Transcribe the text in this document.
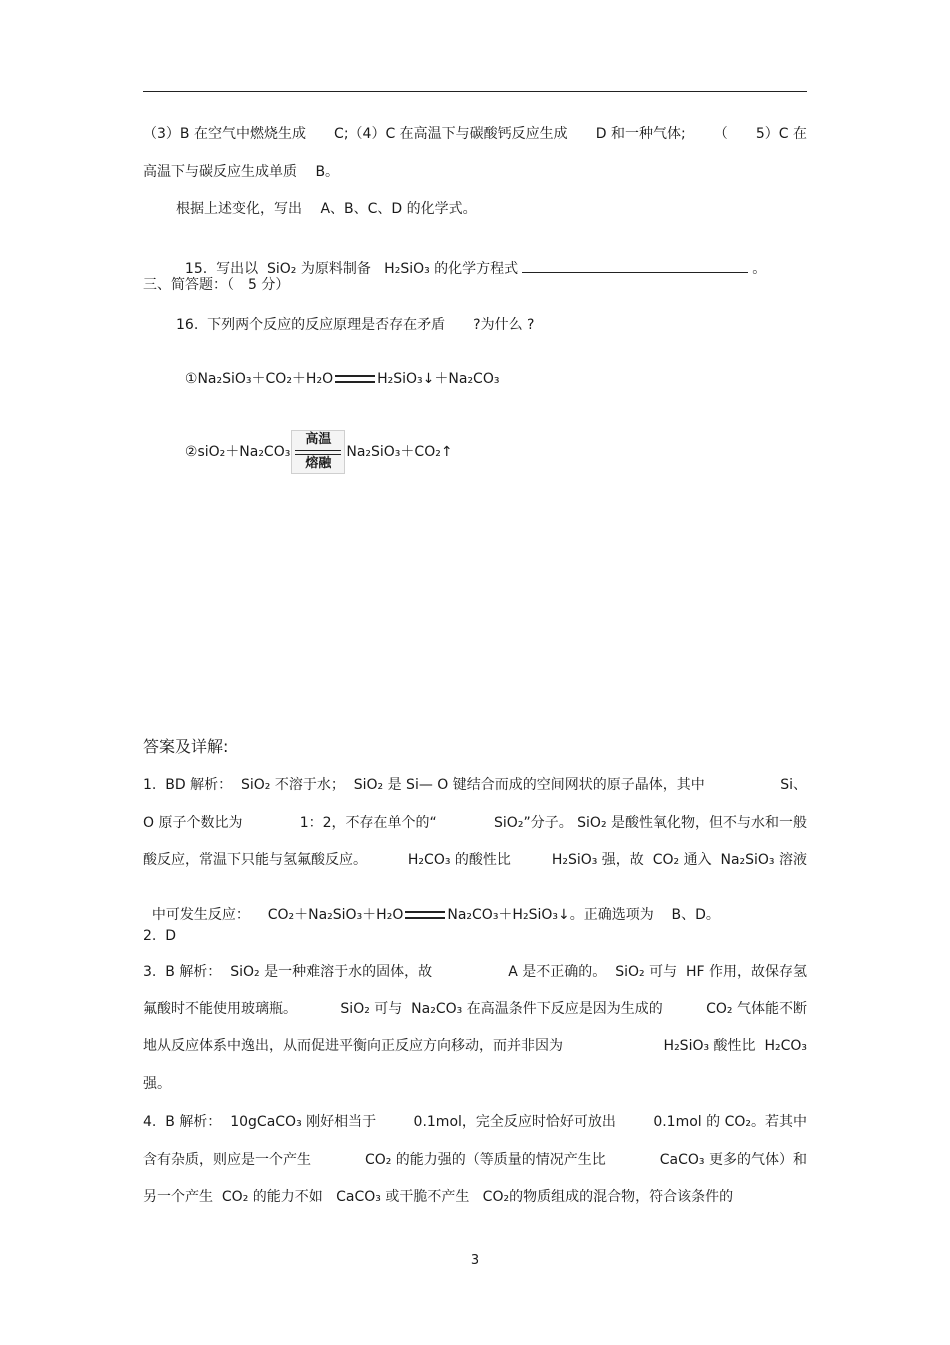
（3）B 在空气中燃烧生成 C;（4）C 在高温下与碳酸钙反应生成 D 和一种气体; （ 5）C 在
高温下与碳反应生成单质　 B。
根据上述变化，写出　 A、B、C、D 的化学式。

15.  写出以  SiO₂ 为原料制备   H₂SiO₃ 的化学方程式	。

三、简答题：（　5 分）
16.  下列两个反应的反应原理是否存在矛盾　　?为什么 ?

①Na₂SiO₃＋CO₂＋H₂O	H₂SiO₃↓＋Na₂CO₃

②siO₂＋Na₂CO₃
高温
熔融
Na₂SiO₃＋CO₂↑

答案及详解:
1.  BD 解析：  SiO₂ 不溶于水；  SiO₂ 是 Si— O 键结合而成的空间网状的原子晶体，其中	Si、
O 原子个数比为	1：2，不存在单个的“	SiO₂”分子。 SiO₂ 是酸性氧化物，但不与水和一般
酸反应，常温下只能与氢氟酸反应。	H₂CO₃ 的酸性比	H₂SiO₃ 强，故  CO₂ 通入  Na₂SiO₃ 溶液

中可发生反应：    CO₂＋Na₂SiO₃＋H₂O	Na₂CO₃＋H₂SiO₃↓。正确选项为    B、D。

2.  D
3.  B 解析：  SiO₂ 是一种难溶于水的固体，故	A 是不正确的。  SiO₂ 可与  HF 作用，故保存氢
氟酸时不能使用玻璃瓶。	SiO₂ 可与  Na₂CO₃ 在高温条件下反应是因为生成的	CO₂ 气体能不断
地从反应体系中逸出，从而促进平衡向正反应方向移动，而并非因为	H₂SiO₃ 酸性比  H₂CO₃
强。
4.  B 解析：  10gCaCO₃ 刚好相当于	0.1mol，完全反应时恰好可放出	0.1mol 的 CO₂。若其中
含有杂质，则应是一个产生	CO₂ 的能力强的（等质量的情况产生比	CaCO₃ 更多的气体）和
另一个产生  CO₂ 的能力不如   CaCO₃ 或干脆不产生   CO₂的物质组成的混合物，符合该条件的
3
